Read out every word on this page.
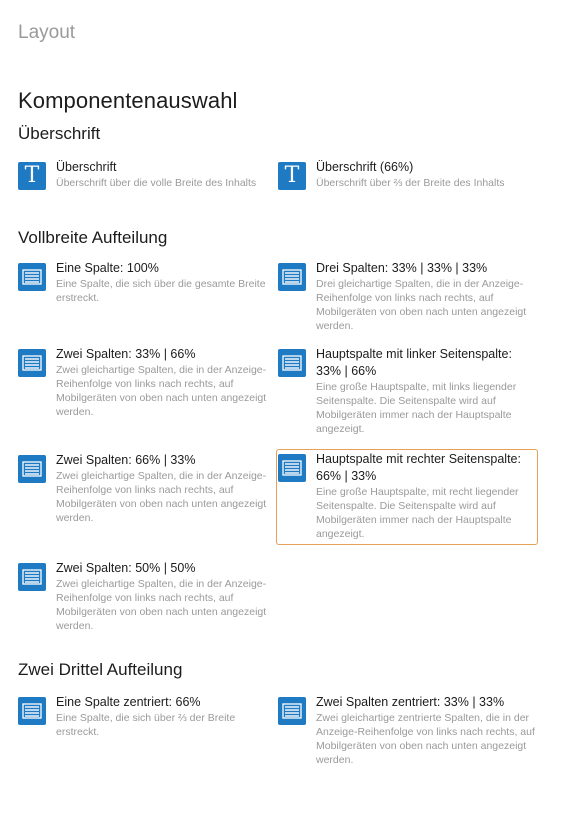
Layout
Komponentenauswahl
Überschrift
T	Überschrift
Überschrift über die volle Breite des Inhalts	T	Überschrift (66%)
Überschrift über ⅔ der Breite des Inhalts
Vollbreite Aufteilung
Eine Spalte: 100%
Eine Spalte, die sich über die gesamte Breite erstreckt.
Drei Spalten: 33% | 33% | 33%
Drei gleichartige Spalten, die in der Anzeige-Reihenfolge von links nach rechts, auf Mobilgeräten von oben nach unten angezeigt werden.
Zwei Spalten: 33% | 66%
Zwei gleichartige Spalten, die in der Anzeige-Reihenfolge von links nach rechts, auf Mobilgeräten von oben nach unten angezeigt werden.
Hauptspalte mit linker Seitenspalte: 33% | 66%
Eine große Hauptspalte, mit links liegender Seitenspalte. Die Seitenspalte wird auf Mobilgeräten immer nach der Hauptspalte angezeigt.
Zwei Spalten: 66% | 33%
Zwei gleichartige Spalten, die in der Anzeige-Reihenfolge von links nach rechts, auf Mobilgeräten von oben nach unten angezeigt werden.
Hauptspalte mit rechter Seitenspalte: 66% | 33%
Eine große Hauptspalte, mit recht liegender Seitenspalte. Die Seitenspalte wird auf Mobilgeräten immer nach der Hauptspalte angezeigt.
Zwei Spalten: 50% | 50%
Zwei gleichartige Spalten, die in der Anzeige-Reihenfolge von links nach rechts, auf Mobilgeräten von oben nach unten angezeigt werden.
Zwei Drittel Aufteilung
Eine Spalte zentriert: 66%
Eine Spalte, die sich über ⅔ der Breite erstreckt.
Zwei Spalten zentriert: 33% | 33%
Zwei gleichartige zentrierte Spalten, die in der Anzeige-Reihenfolge von links nach rechts, auf Mobilgeräten von oben nach unten angezeigt werden.
